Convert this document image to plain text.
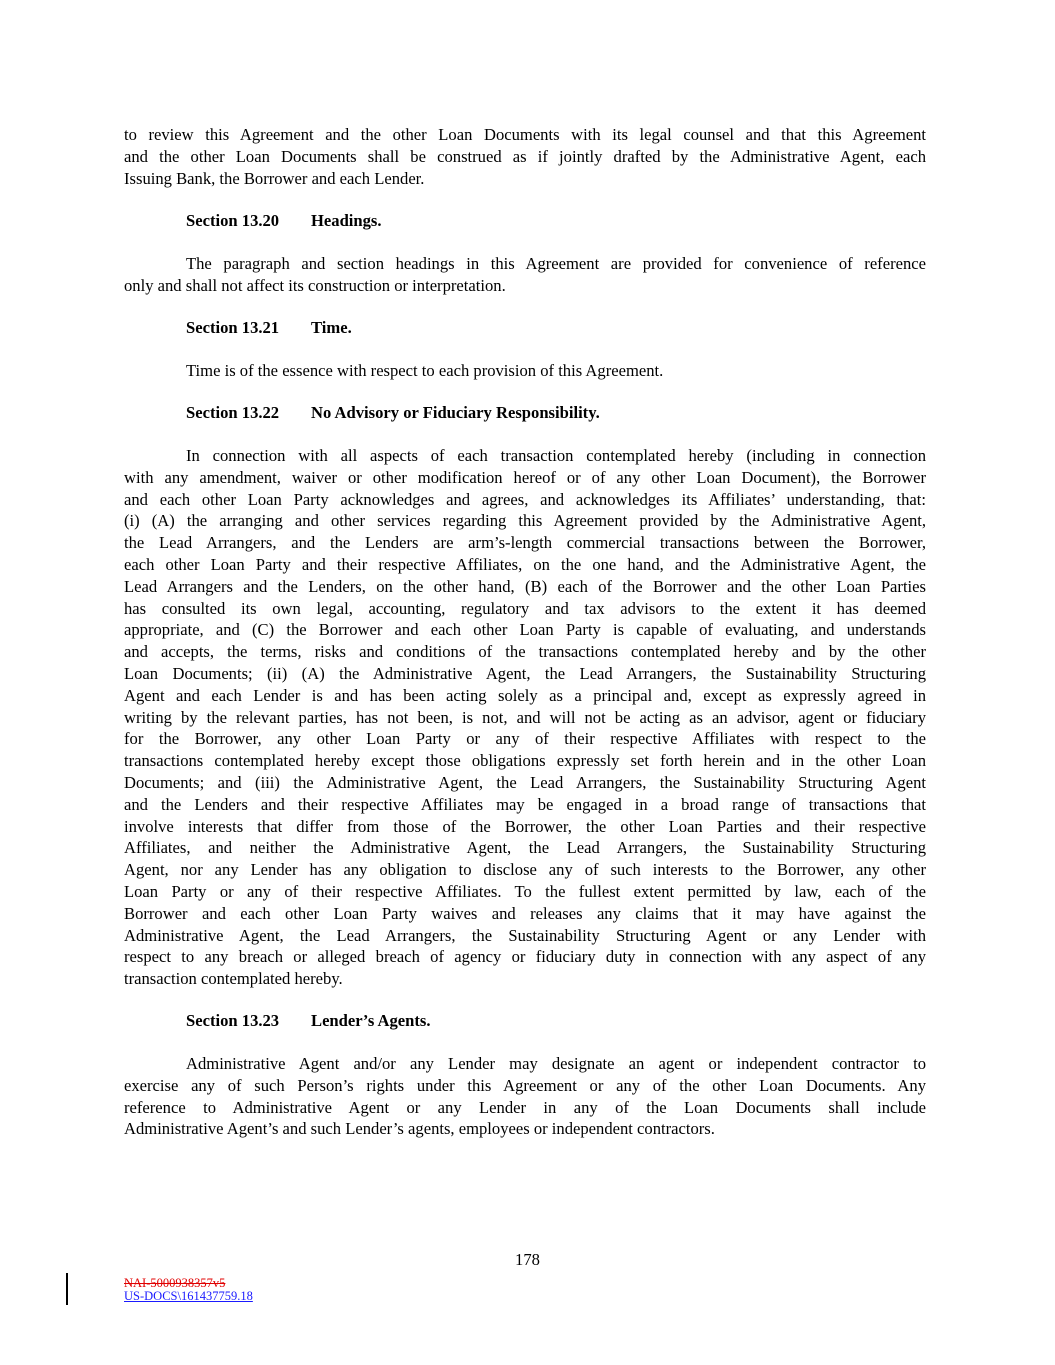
to review this Agreement and the other Loan Documents with its legal counsel and that this Agreement
and the other Loan Documents shall be construed as if jointly drafted by the Administrative Agent, each
Issuing Bank, the Borrower and each Lender.
Section 13.20 Headings.
The paragraph and section headings in this Agreement are provided for convenience of reference
only and shall not affect its construction or interpretation.
Section 13.21 Time.
Time is of the essence with respect to each provision of this Agreement.
Section 13.22 No Advisory or Fiduciary Responsibility.
In connection with all aspects of each transaction contemplated hereby (including in connection
with any amendment, waiver or other modification hereof or of any other Loan Document), the Borrower
and each other Loan Party acknowledges and agrees, and acknowledges its Affiliates’ understanding, that:
(i) (A) the arranging and other services regarding this Agreement provided by the Administrative Agent,
the Lead Arrangers, and the Lenders are arm’s-length commercial transactions between the Borrower,
each other Loan Party and their respective Affiliates, on the one hand, and the Administrative Agent, the
Lead Arrangers and the Lenders, on the other hand, (B) each of the Borrower and the other Loan Parties
has consulted its own legal, accounting, regulatory and tax advisors to the extent it has deemed
appropriate, and (C) the Borrower and each other Loan Party is capable of evaluating, and understands
and accepts, the terms, risks and conditions of the transactions contemplated hereby and by the other
Loan Documents; (ii) (A) the Administrative Agent, the Lead Arrangers, the Sustainability Structuring
Agent and each Lender is and has been acting solely as a principal and, except as expressly agreed in
writing by the relevant parties, has not been, is not, and will not be acting as an advisor, agent or fiduciary
for the Borrower, any other Loan Party or any of their respective Affiliates with respect to the
transactions contemplated hereby except those obligations expressly set forth herein and in the other Loan
Documents; and (iii) the Administrative Agent, the Lead Arrangers, the Sustainability Structuring Agent
and the Lenders and their respective Affiliates may be engaged in a broad range of transactions that
involve interests that differ from those of the Borrower, the other Loan Parties and their respective
Affiliates, and neither the Administrative Agent, the Lead Arrangers, the Sustainability Structuring
Agent, nor any Lender has any obligation to disclose any of such interests to the Borrower, any other
Loan Party or any of their respective Affiliates. To the fullest extent permitted by law, each of the
Borrower and each other Loan Party waives and releases any claims that it may have against the
Administrative Agent, the Lead Arrangers, the Sustainability Structuring Agent or any Lender with
respect to any breach or alleged breach of agency or fiduciary duty in connection with any aspect of any
transaction contemplated hereby.
Section 13.23 Lender’s Agents.
Administrative Agent and/or any Lender may designate an agent or independent contractor to
exercise any of such Person’s rights under this Agreement or any of the other Loan Documents. Any
reference to Administrative Agent or any Lender in any of the Loan Documents shall include
Administrative Agent’s and such Lender’s agents, employees or independent contractors.
178
NAI-5000938357v5
US-DOCS\161437759.18
